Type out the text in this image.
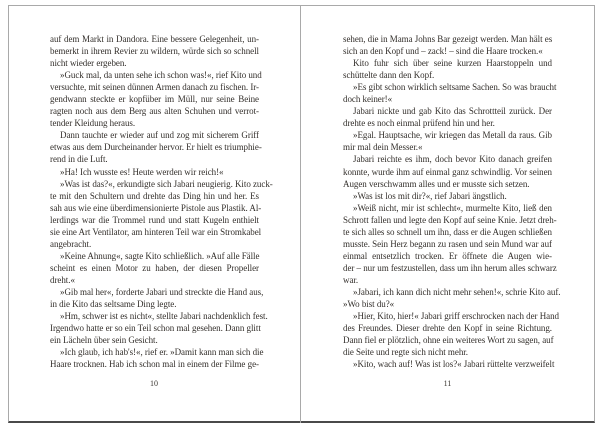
auf dem Markt in Dandora. Eine bessere Gelegenheit, un-
bemerkt in ihrem Revier zu wildern, würde sich so schnell
nicht wieder ergeben.
»Guck mal, da unten sehe ich schon was!«, rief Kito und
versuchte, mit seinen dünnen Armen danach zu fischen. Ir-
gendwann steckte er kopfüber im Müll, nur seine Beine
ragten noch aus dem Berg aus alten Schuhen und verrot-
tender Kleidung heraus.
Dann tauchte er wieder auf und zog mit sicherem Griff
etwas aus dem Durcheinander hervor. Er hielt es triumphie-
rend in die Luft.
»Ha! Ich wusste es! Heute werden wir reich!«
»Was ist das?«, erkundigte sich Jabari neugierig. Kito zuck-
te mit den Schultern und drehte das Ding hin und her. Es
sah aus wie eine überdimensionierte Pistole aus Plastik. Al-
lerdings war die Trommel rund und statt Kugeln enthielt
sie eine Art Ventilator, am hinteren Teil war ein Stromkabel
angebracht.
»Keine Ahnung«, sagte Kito schließlich. »Auf alle Fälle
scheint es einen Motor zu haben, der diesen Propeller
dreht.«
»Gib mal her«, forderte Jabari und streckte die Hand aus,
in die Kito das seltsame Ding legte.
»Hm, schwer ist es nicht«, stellte Jabari nachdenklich fest.
Irgendwo hatte er so ein Teil schon mal gesehen. Dann glitt
ein Lächeln über sein Gesicht.
»Ich glaub, ich hab's!«, rief er. »Damit kann man sich die
Haare trocknen. Hab ich schon mal in einem der Filme ge-
10
sehen, die in Mama Johns Bar gezeigt werden. Man hält es
sich an den Kopf und – zack! – sind die Haare trocken.«
Kito fuhr sich über seine kurzen Haarstoppeln und
schüttelte dann den Kopf.
»Es gibt schon wirklich seltsame Sachen. So was braucht
doch keiner!«
Jabari nickte und gab Kito das Schrottteil zurück. Der
drehte es noch einmal prüfend hin und her.
»Egal. Hauptsache, wir kriegen das Metall da raus. Gib
mir mal dein Messer.«
Jabari reichte es ihm, doch bevor Kito danach greifen
konnte, wurde ihm auf einmal ganz schwindlig. Vor seinen
Augen verschwamm alles und er musste sich setzen.
»Was ist los mit dir?«, rief Jabari ängstlich.
»Weiß nicht, mir ist schlecht«, murmelte Kito, ließ den
Schrott fallen und legte den Kopf auf seine Knie. Jetzt dreh-
te sich alles so schnell um ihn, dass er die Augen schließen
musste. Sein Herz begann zu rasen und sein Mund war auf
einmal entsetzlich trocken. Er öffnete die Augen wie-
der – nur um festzustellen, dass um ihn herum alles schwarz
war.
»Jabari, ich kann dich nicht mehr sehen!«, schrie Kito auf.
»Wo bist du?«
»Hier, Kito, hier!« Jabari griff erschrocken nach der Hand
des Freundes. Dieser drehte den Kopf in seine Richtung.
Dann fiel er plötzlich, ohne ein weiteres Wort zu sagen, auf
die Seite und regte sich nicht mehr.
»Kito, wach auf! Was ist los?« Jabari rüttelte verzweifelt
11
